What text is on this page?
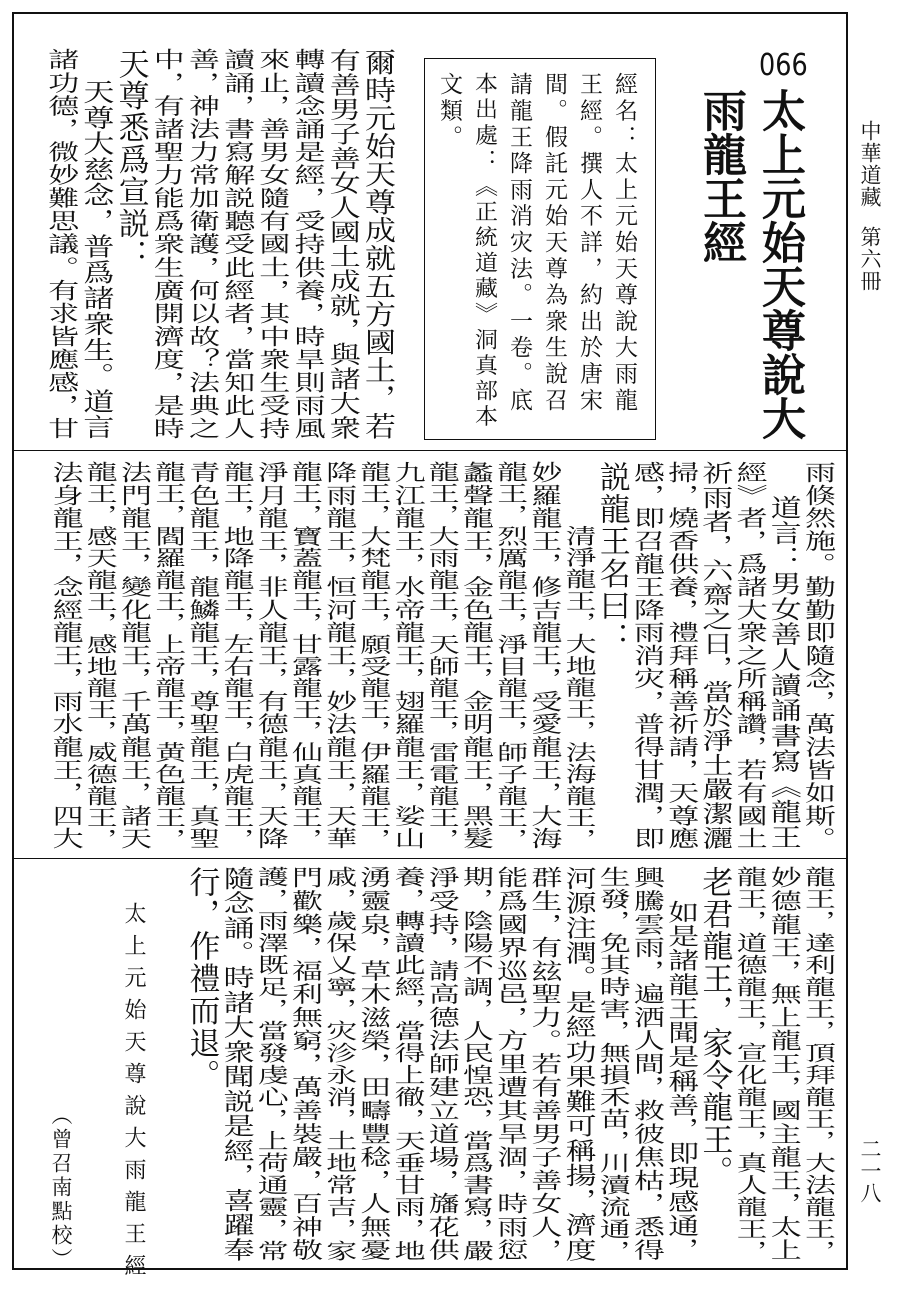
中華道藏
第六冊
二一八
066
太上元始天尊說大
雨龍王經
經名：太上元始天尊說大雨龍
王經。撰人不詳，約出於唐宋
間。假託元始天尊為衆生說召
請龍王降雨消灾法。一卷。底
本出處：《正統道藏》洞真部本
文類。
爾時元始天尊成就五方國土，若
有善男子善女人國土成就，與諸大衆
轉讀念誦是經，受持供養，時旱則雨風
來止，善男女隨有國土，其中衆生受持
讀誦，書寫解説聽受此經者，當知此人
善，神法力常加衛護，何以故？法典之
中，有諸聖力能爲衆生廣開濟度，是時
天尊悉爲宣説：
天尊大慈念，普爲諸衆生。道言
諸功德，微妙難思議。有求皆應感，甘
雨倏然施。勤勤即隨念，萬法皆如斯。
道言：男女善人讀誦書寫《龍王
經》者，爲諸大衆之所稱讚，若有國土
祈雨者，六齋之日，當於淨土嚴潔灑
掃，燒香供養，禮拜稱善祈請，天尊應
感，即召龍王降雨消灾，普得甘潤，即
説龍王名曰：
清淨龍王，大地龍王，法海龍王，
妙羅龍王，修吉龍王，受愛龍王，大海
龍王，烈厲龍王，淨目龍王，師子龍王，
蠡聲龍王，金色龍王，金明龍王，黑髮
龍王，大雨龍王，天師龍王，雷電龍王，
九江龍王，水帝龍王，翅羅龍王，娑山
龍王，大梵龍王，願受龍王，伊羅龍王，
降雨龍王，恒河龍王，妙法龍王，天華
龍王，寶蓋龍王，甘露龍王，仙真龍王，
淨月龍王，非人龍王，有德龍王，天降
龍王，地降龍王，左右龍王，白虎龍王，
青色龍王，龍鱗龍王，尊聖龍王，真聖
龍王，閻羅龍王，上帝龍王，黄色龍王，
法門龍王，變化龍王，千萬龍王，諸天
龍王，感天龍王，感地龍王，威德龍王，
法身龍王，念經龍王，雨水龍王，四大
龍王，達利龍王，頂拜龍王，大法龍王，
妙德龍王，無上龍王，國主龍王，太上
龍王，道德龍王，宣化龍王，真人龍王，
老君龍王，家令龍王。
如是諸龍王聞是稱善，即現感通，
興騰雲雨，遍洒人間，救彼焦枯，悉得
生發，免其時害，無損禾苗，川瀆流通，
河源注潤。是經功果難可稱揚，濟度
群生，有玆聖力。若有善男子善女人，
能爲國界巡邑，方里遭其旱涸，時雨愆
期，陰陽不調，人民惶恐，當爲書寫，嚴
淨受持，請高德法師建立道場，旛花供
養，轉讀此經，當得上徹，天垂甘雨，地
湧靈泉，草木滋榮，田疇豐稔，人無憂
戚，歲保乂寧，灾沴永消，土地常吉，家
門歡樂，福利無窮，萬善裝嚴，百神敬
護，雨澤既足，當發虔心，上荷通靈，常
隨念誦。時諸大衆聞説是經，喜躍奉
行，作禮而退。
太上元始天尊說大雨龍王經
（曾召南點校）
